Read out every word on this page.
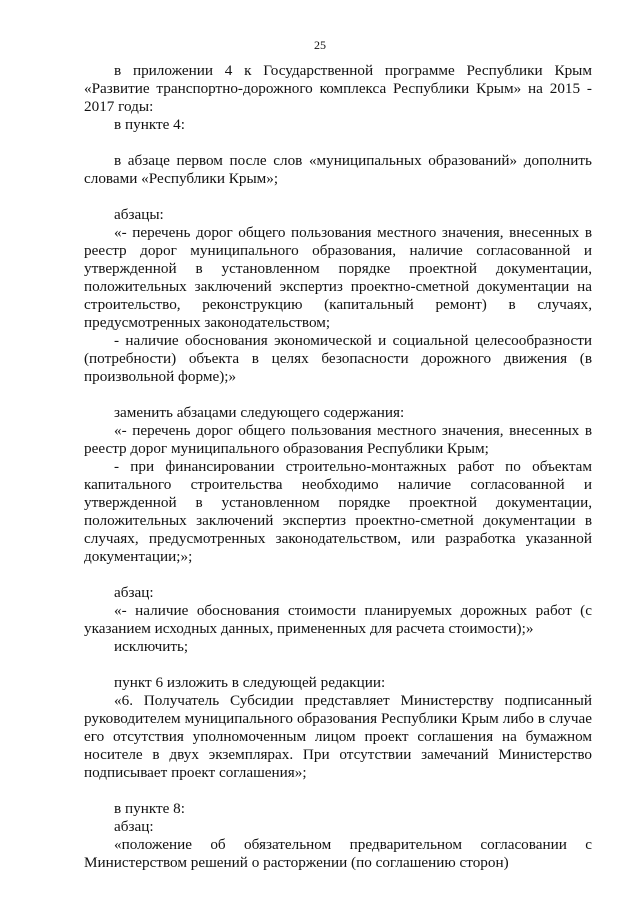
25

в приложении 4 к Государственной программе Республики Крым «Развитие транспортно-дорожного комплекса Республики Крым» на 2015 - 2017 годы:

в пункте 4:

в абзаце первом после слов «муниципальных образований» дополнить словами «Республики Крым»;

абзацы:

«- перечень дорог общего пользования местного значения, внесенных в реестр дорог муниципального образования, наличие согласованной и утвержденной в установленном порядке проектной документации, положительных заключений экспертиз проектно-сметной документации на строительство, реконструкцию (капитальный ремонт) в случаях, предусмотренных законодательством;

- наличие обоснования экономической и социальной целесообразности (потребности) объекта в целях безопасности дорожного движения (в произвольной форме);»

заменить абзацами следующего содержания:

«- перечень дорог общего пользования местного значения, внесенных в реестр дорог муниципального образования Республики Крым;

- при финансировании строительно-монтажных работ по объектам капитального строительства необходимо наличие согласованной и утвержденной в установленном порядке проектной документации, положительных заключений экспертиз проектно-сметной документации в случаях, предусмотренных законодательством, или разработка указанной документации;»;

абзац:

«- наличие обоснования стоимости планируемых дорожных работ (с указанием исходных данных, примененных для расчета стоимости);»

исключить;

пункт 6 изложить в следующей редакции:

«6. Получатель Субсидии представляет Министерству подписанный руководителем муниципального образования Республики Крым либо в случае его отсутствия уполномоченным лицом проект соглашения на бумажном носителе в двух экземплярах. При отсутствии замечаний Министерство подписывает проект соглашения»;

в пункте 8:

абзац:

«положение об обязательном предварительном согласовании с Министерством решений о расторжении (по соглашению сторон)
